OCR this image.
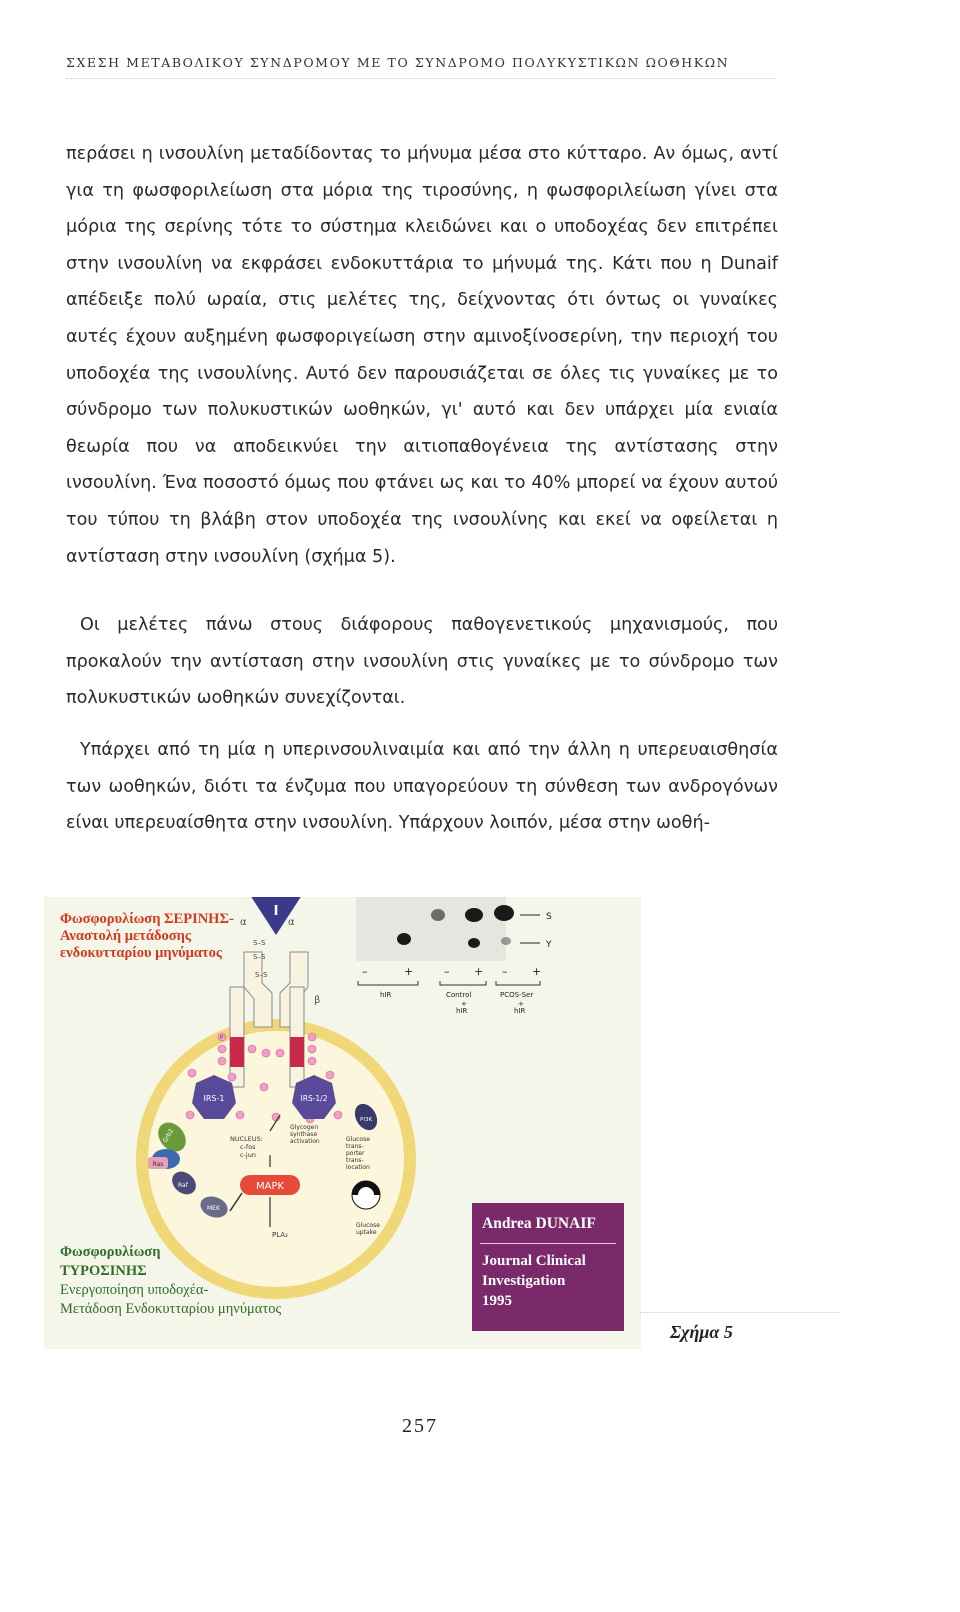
ΣΧΕΣΗ ΜΕΤΑΒΟΛΙΚΟΥ ΣΥΝΔΡΟΜΟΥ ΜΕ ΤΟ ΣΥΝΔΡΟΜΟ ΠΟΛΥΚΥΣΤΙΚΩΝ ΩΟΘΗΚΩΝ

περάσει η ινσουλίνη μεταδίδοντας το μήνυμα μέσα στο κύτταρο. Αν όμως, αντί για τη φωσφοριλείωση στα μόρια της τιροσύνης, η φωσφοριλείωση γίνει στα μόρια της σερίνης τότε το σύστημα κλειδώνει και ο υποδοχέας δεν επιτρέπει στην ινσουλίνη να εκφράσει ενδοκυττάρια το μήνυμά της. Κάτι που η Dunaif απέδειξε πολύ ωραία, στις μελέτες της, δείχνοντας ότι όντως οι γυναίκες αυτές έχουν αυξημένη φωσφοριγείωση στην αμινοξίνοσερίνη, την περιοχή του υποδοχέα της ινσουλίνης. Αυτό δεν παρουσιάζεται σε όλες τις γυναίκες με το σύνδρομο των πολυκυστικών ωοθηκών, γι' αυτό και δεν υπάρχει μία ενιαία θεωρία που να αποδεικνύει την αιτιοπαθογένεια της αντίστασης στην ινσουλίνη. Ένα ποσοστό όμως που φτάνει ως και το 40% μπορεί να έχουν αυτού του τύπου τη βλάβη στον υποδοχέα της ινσουλίνης και εκεί να οφείλεται η αντίσταση στην ινσουλίνη (σχήμα 5).

Οι μελέτες πάνω στους διάφορους παθογενετικούς μηχανισμούς, που προκαλούν την αντίσταση στην ινσουλίνη στις γυναίκες με το σύνδρομο των πολυκυστικών ωοθηκών συνεχίζονται.

Υπάρχει από τη μία η υπερινσουλιναιμία και από την άλλη η υπερευαισθησία των ωοθηκών, διότι τα ένζυμα που υπαγορεύουν τη σύνθεση των ανδρογόνων είναι υπερευαίσθητα στην ινσουλίνη. Υπάρχουν λοιπόν, μέσα στην ωοθή-

I
α	α
S–S
S–S
S–S
β
P
IRS-1	IRS-1/2
Grb2
Ras
Raf
MEK
MAPK
NUCLEUS:
c-fos
c-jun
Glycogen
synthase
activation
PLA₂
PI3K
Glucose
trans-
porter
trans-
location
Glucose
uptake
S
Y
–	+	– + – +
hIR	Control	PCOS-Ser
+
hIR
+
hIR
Φωσφορυλίωση ΣΕΡΙΝΗΣ-
Αναστολή μετάδοσης
ενδοκυτταρίου μηνύματος
Φωσφορυλίωση
ΤΥΡΟΣΙΝΗΣ
Ενεργοποίηση υποδοχέα-
Μετάδοση Ενδοκυτταρίου μηνύματος
Andrea DUNAIF
Journal Clinical
Investigation
1995
Σχήμα 5
257
